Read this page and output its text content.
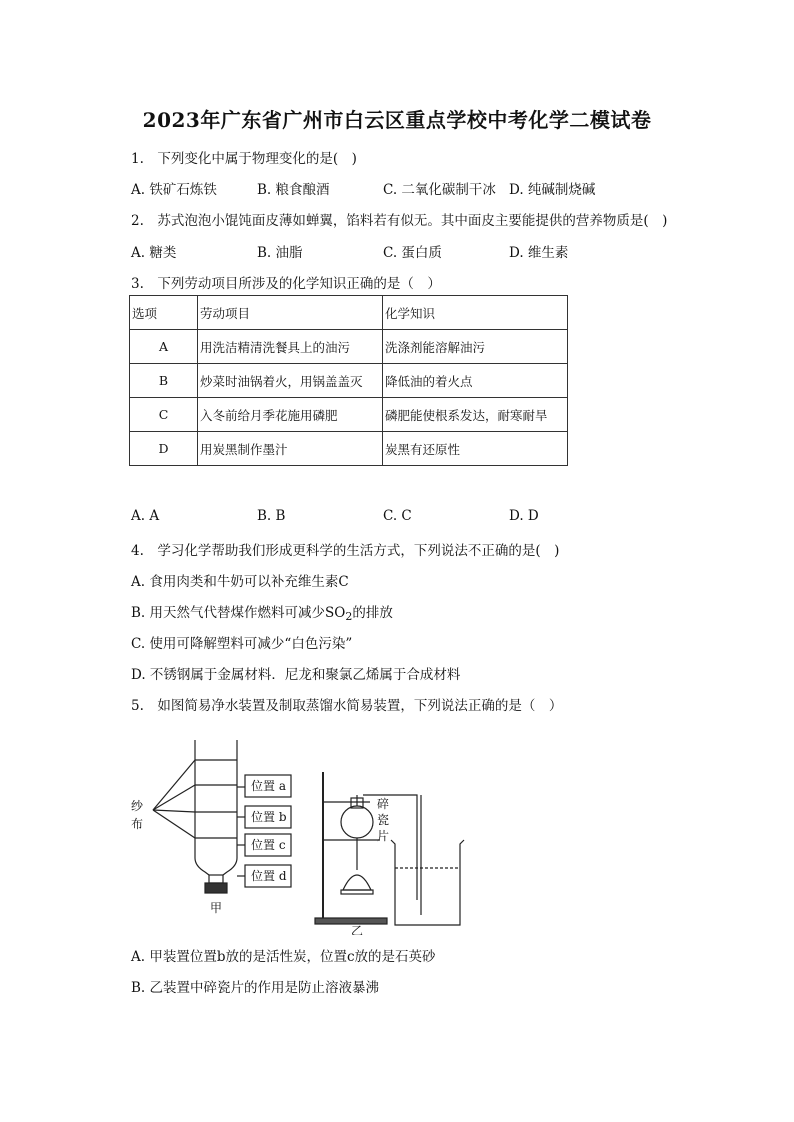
2023年广东省广州市白云区重点学校中考化学二模试卷
1.　下列变化中属于物理变化的是(　)
A. 铁矿石炼铁	B. 粮食酿酒	C. 二氧化碳制干冰 D. 纯碱制烧碱
2.　苏式泡泡小馄饨面皮薄如蝉翼，馅料若有似无。其中面皮主要能提供的营养物质是(　)
A. 糖类	B. 油脂	C. 蛋白质	D. 维生素
3.　下列劳动项目所涉及的化学知识正确的是（　）
选项	劳动项目	化学知识
A	用洗洁精清洗餐具上的油污	洗涤剂能溶解油污
B	炒菜时油锅着火，用锅盖盖灭	降低油的着火点
C	入冬前给月季花施用磷肥	磷肥能使根系发达，耐寒耐旱
D	用炭黑制作墨汁	炭黑有还原性
A. A	B. B	C. C	D. D
4.　学习化学帮助我们形成更科学的生活方式，下列说法不正确的是(　)
A. 食用肉类和牛奶可以补充维生素C
B. 用天然气代替煤作燃料可减少$SO_2$的排放
C. 使用可降解塑料可减少“白色污染”
D. 不锈钢属于金属材料．尼龙和聚氯乙烯属于合成材料
5.　如图简易净水装置及制取蒸馏水简易装置，下列说法正确的是（　）
纱
布
位置 a
位置 b
位置 c
位置 d
碎
瓷
片
甲
乙
A. 甲装置位置b放的是活性炭，位置c放的是石英砂
B. 乙装置中碎瓷片的作用是防止溶液暴沸
